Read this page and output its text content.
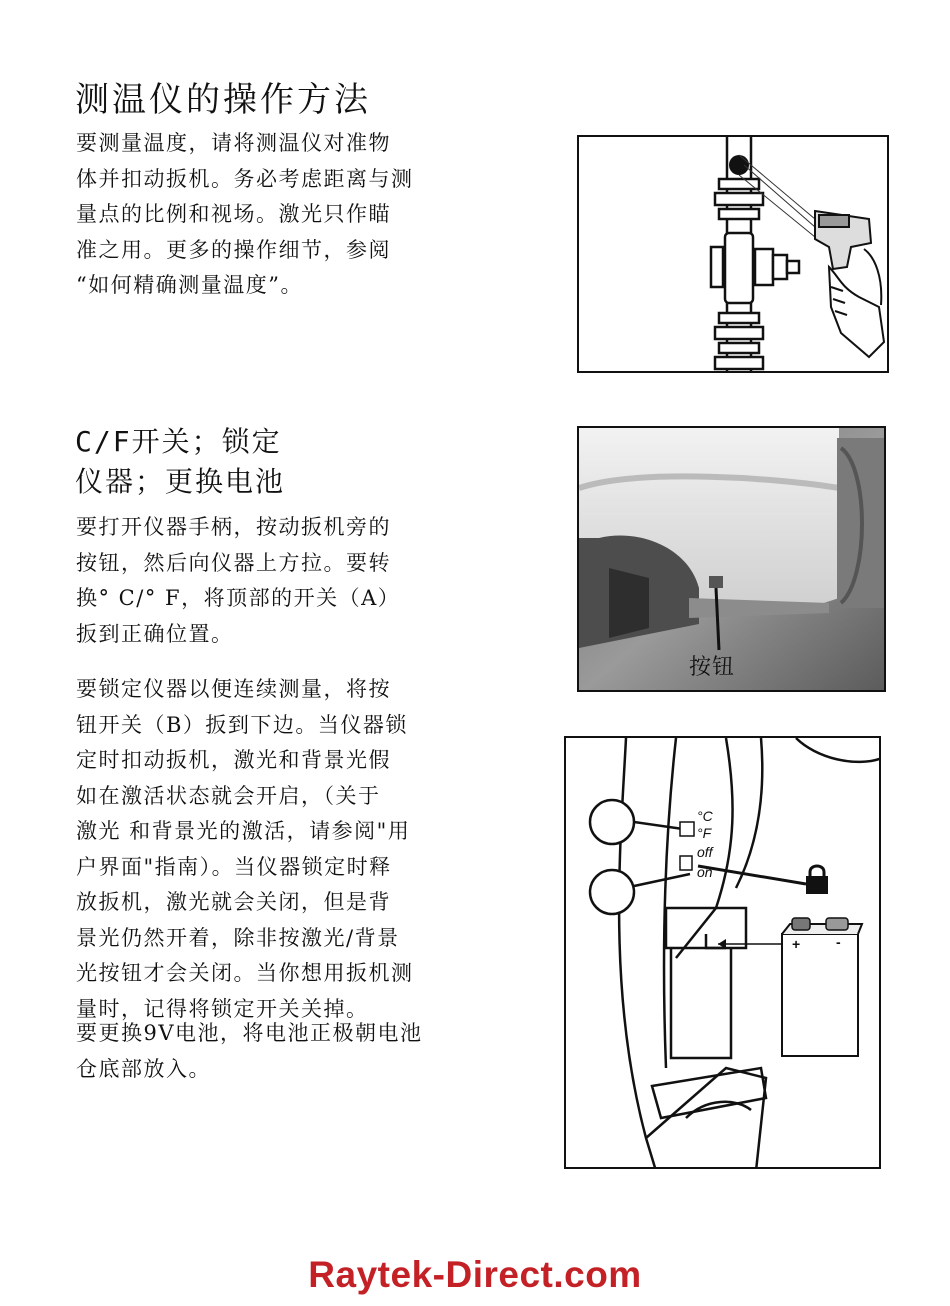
测温仪的操作方法

要测量温度，请将测温仪对准物
体并扣动扳机。务必考虑距离与测
量点的比例和视场。激光只作瞄
准之用。更多的操作细节，参阅
“如何精确测量温度”。

C/F开关；锁定
仪器；更换电池

要打开仪器手柄，按动扳机旁的
按钮，然后向仪器上方拉。要转
换° C/° F，将顶部的开关（A）
扳到正确位置。

要锁定仪器以便连续测量，将按
钮开关（B）扳到下边。当仪器锁
定时扣动扳机，激光和背景光假
如在激活状态就会开启，（关于
激光 和背景光的激活，请参阅"用
户界面"指南）。当仪器锁定时释
放扳机，激光就会关闭，但是背
景光仍然开着，除非按激光/背景
光按钮才会关闭。当你想用扳机测
量时，记得将锁定开关关掉。

要更换9V电池，将电池正极朝电池
仓底部放入。

按钮
°C
°F
off
on
+	-
Raytek-Direct.com
